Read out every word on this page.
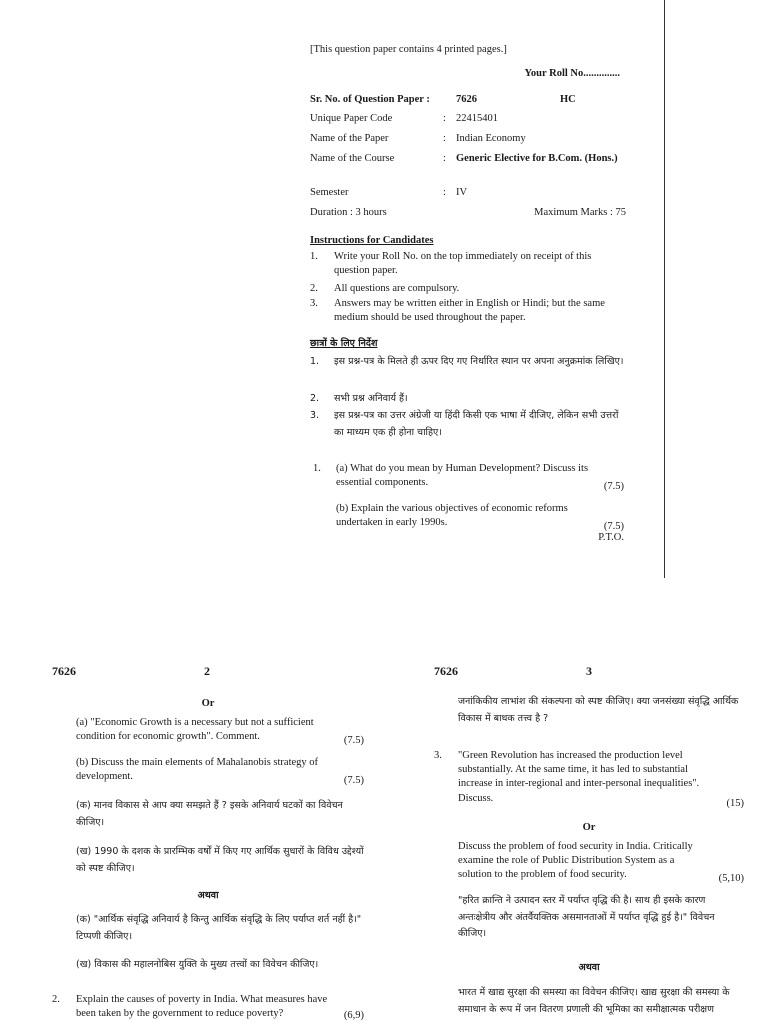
[This question paper contains 4 printed pages.]
Your Roll No..............
Sr. No. of Question Paper : 7626	HC
Unique Paper Code	: 22415401
Name of the Paper	: Indian Economy
Name of the Course	: Generic Elective for B.Com. (Hons.)
Semester	: IV
Duration : 3 hours	Maximum Marks : 75
Instructions for Candidates
1. Write your Roll No. on the top immediately on receipt of this question paper.
2. All questions are compulsory.
3. Answers may be written either in English or Hindi; but the same medium should be used throughout the paper.
छात्रों के लिए निर्देश
1. इस प्रश्न-पत्र के मिलते ही ऊपर दिए गए निर्धारित स्थान पर अपना अनुक्रमांक लिखिए।
2. सभी प्रश्न अनिवार्य हैं।
3. इस प्रश्न-पत्र का उत्तर अंग्रेजी या हिंदी किसी एक भाषा में दीजिए, लेकिन सभी उत्तरों का माध्यम एक ही होना चाहिए।
1. (a) What do you mean by Human Development? Discuss its essential components.	(7.5)
(b) Explain the various objectives of economic reforms undertaken in early 1990s.	(7.5)
P.T.O.
7626	2
Or
(a) "Economic Growth is a necessary but not a sufficient condition for economic growth". Comment.	(7.5)
(b) Discuss the main elements of Mahalanobis strategy of development.	(7.5)
(क) मानव विकास से आप क्या समझते हैं ? इसके अनिवार्य घटकों का विवेचन कीजिए।
(ख) 1990 के दशक के प्रारम्भिक वर्षों में किए गए आर्थिक सुधारों के विविध उद्देश्यों को स्पष्ट कीजिए।
अथवा
(क) "आर्थिक संवृद्धि अनिवार्य है किन्तु आर्थिक संवृद्धि के लिए पर्याप्त शर्त नहीं है।" टिप्पणी कीजिए।
(ख) विकास की महालनोबिस युक्ति के मुख्य तत्त्वों का विवेचन कीजिए।
2. Explain the causes of poverty in India. What measures have been taken by the government to reduce poverty?	(6,9)
7626	3
जनांकिकीय लाभांश की संकल्पना को स्पष्ट कीजिए। क्या जनसंख्या संवृद्धि आर्थिक विकास में बाधक तत्त्व है ?
3. "Green Revolution has increased the production level substantially. At the same time, it has led to substantial increase in inter-regional and inter-personal inequalities". Discuss.	(15)
Or
Discuss the problem of food security in India. Critically examine the role of Public Distribution System as a solution to the problem of food security.	(5,10)
"हरित क्रान्ति ने उत्पादन स्तर में पर्याप्त वृद्धि की है। साथ ही इसके कारण अन्तःक्षेत्रीय और अंतर्वैयक्तिक असमानताओं में पर्याप्त वृद्धि हुई है।" विवेचन कीजिए।
अथवा
भारत में खाद्य सुरक्षा की समस्या का विवेचन कीजिए। खाद्य सुरक्षा की समस्या के समाधान के रूप में जन वितरण प्रणाली की भूमिका का समीक्षात्मक परीक्षण
